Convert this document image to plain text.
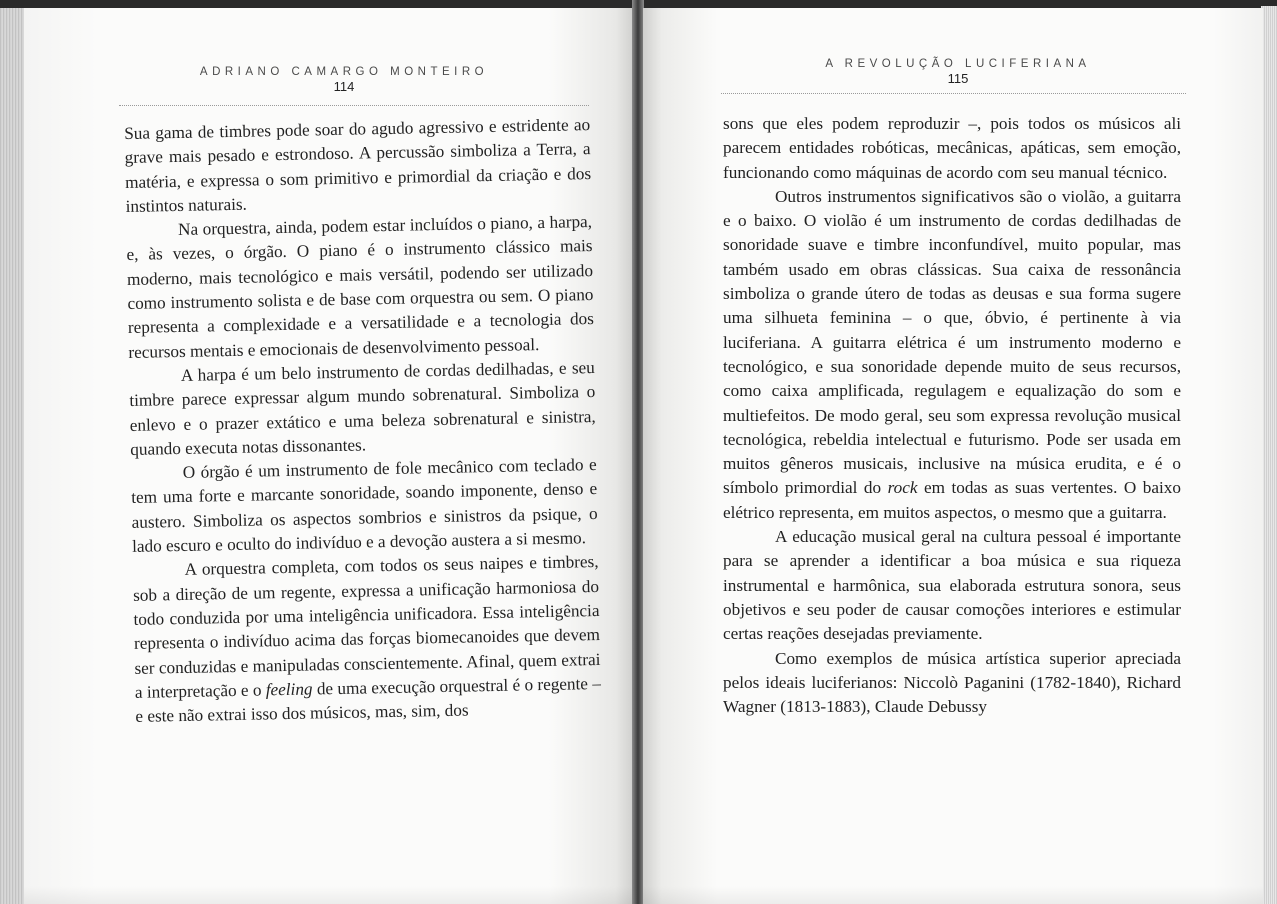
ADRIANO CAMARGO MONTEIRO
114

Sua gama de timbres pode soar do agudo agressivo e estridente ao grave mais pesado e estrondoso. A percussão simboliza a Terra, a matéria, e expressa o som primitivo e primordial da criação e dos instintos naturais.

Na orquestra, ainda, podem estar incluídos o piano, a harpa, e, às vezes, o órgão. O piano é o instrumento clássico mais moderno, mais tecnológico e mais versátil, podendo ser utilizado como instrumento solista e de base com orquestra ou sem. O piano representa a complexidade e a versatilidade e a tecnologia dos recursos mentais e emocionais de desenvolvimento pessoal.

A harpa é um belo instrumento de cordas dedilhadas, e seu timbre parece expressar algum mundo sobrenatural. Simboliza o enlevo e o prazer extático e uma beleza sobrenatural e sinistra, quando executa notas dissonantes.

O órgão é um instrumento de fole mecânico com teclado e tem uma forte e marcante sonoridade, soando imponente, denso e austero. Simboliza os aspectos sombrios e sinistros da psique, o lado escuro e oculto do indivíduo e a devoção austera a si mesmo.

A orquestra completa, com todos os seus naipes e timbres, sob a direção de um regente, expressa a unificação harmoniosa do todo conduzida por uma inteligência unificadora. Essa inteligência representa o indivíduo acima das forças biomecanoides que devem ser conduzidas e manipuladas conscientemente. Afinal, quem extrai a interpretação e o feeling de uma execução orquestral é o regente – e este não extrai isso dos músicos, mas, sim, dos

A REVOLUÇÃO LUCIFERIANA
115

sons que eles podem reproduzir –, pois todos os músicos ali parecem entidades robóticas, mecânicas, apáticas, sem emoção, funcionando como máquinas de acordo com seu manual técnico.

Outros instrumentos significativos são o violão, a guitarra e o baixo. O violão é um instrumento de cordas dedilhadas de sonoridade suave e timbre inconfundível, muito popular, mas também usado em obras clássicas. Sua caixa de ressonância simboliza o grande útero de todas as deusas e sua forma sugere uma silhueta feminina – o que, óbvio, é pertinente à via luciferiana. A guitarra elétrica é um instrumento moderno e tecnológico, e sua sonoridade depende muito de seus recursos, como caixa amplificada, regulagem e equalização do som e multiefeitos. De modo geral, seu som expressa revolução musical tecnológica, rebeldia intelectual e futurismo. Pode ser usada em muitos gêneros musicais, inclusive na música erudita, e é o símbolo primordial do rock em todas as suas vertentes. O baixo elétrico representa, em muitos aspectos, o mesmo que a guitarra.

A educação musical geral na cultura pessoal é importante para se aprender a identificar a boa música e sua riqueza instrumental e harmônica, sua elaborada estrutura sonora, seus objetivos e seu poder de causar comoções interiores e estimular certas reações desejadas previamente.

Como exemplos de música artística superior apreciada pelos ideais luciferianos: Niccolò Paganini (1782-1840), Richard Wagner (1813-1883), Claude Debussy
